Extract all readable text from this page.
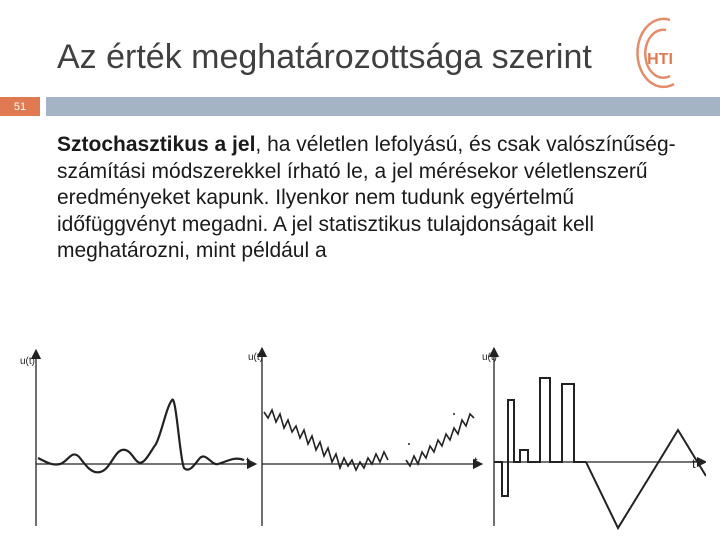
Az érték meghatározottsága szerint	HTI
51
Sztochasztikus a jel, ha véletlen lefolyású, és csak valószínűség-számítási módszerekkel írható le, a jel mérésekor véletlenszerű eredményeket kapunk. Ilyenkor nem tudunk egyértelmű időfüggvényt megadni. A jel statisztikus tulajdonságait kell meghatározni, mint például a
u(t)
t
u(t)
t
u(t)
t
